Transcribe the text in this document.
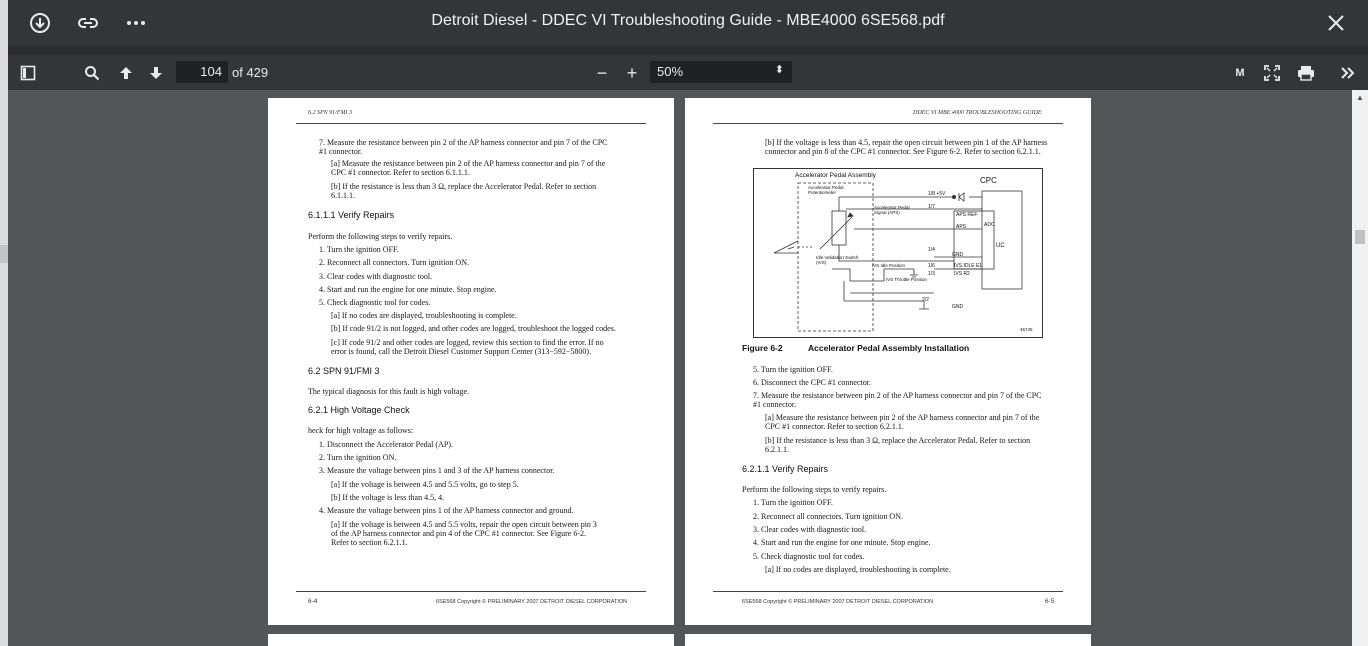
Detroit Diesel - DDEC VI Troubleshooting Guide - MBE4000 6SE568.pdf
104 of 429	− +	50%	⬍	M
6.2 SPN 91/FMI 3
7. Measure the resistance between pin 2 of the AP harness connector and pin 7 of the CPC
#1 connector.
[a] Measure the resistance between pin 2 of the AP harness connector and pin 7 of the
CPC #1 connector. Refer to section 6.1.1.1.
[b] If the resistance is less than 3 Ω, replace the Accelerator Pedal. Refer to section
6.1.1.1.
6.1.1.1 Verify Repairs
Perform the following steps to verify repairs.
1. Turn the ignition OFF.
2. Reconnect all connectors. Turn ignition ON.
3. Clear codes with diagnostic tool.
4. Start and run the engine for one minute. Stop engine.
5. Check diagnostic tool for codes.
[a] If no codes are displayed, troubleshooting is complete.
[b] If code 91/2 is not logged, and other codes are logged, troubleshoot the logged codes.
[c] If code 91/2 and other codes are logged, review this section to find the error. If no
error is found, call the Detroit Diesel Customer Support Center (313−592−5800).
6.2 SPN 91/FMI 3
The typical diagnosis for this fault is high voltage.
6.2.1 High Voltage Check
heck for high voltage as follows:
1. Disconnect the Accelerator Pedal (AP).
2. Turn the ignition ON.
3. Measure the voltage between pins 1 and 3 of the AP harness connector.
[a] If the voltage is between 4.5 and 5.5 volts, go to step 5.
[b] If the voltage is less than 4.5, 4.
4. Measure the voltage between pins 1 of the AP harness connector and ground.
[a] If the voltage is between 4.5 and 5.5 volts, repair the open circuit between pin 3
of the AP harness connector and pin 4 of the CPC #1 connector. See Figure 6-2.
Refer to section 6.2.1.1.
6-4	6SE568 Copyright © PRELIMINARY 2007 DETROIT DIESEL CORPORATION
DDEC VI MBE 4000 TROUBLESHOOTING GUIDE
[b] If the voltage is less than 4.5, repair the open circuit between pin 1 of the AP harness
connector and pin 8 of the CPC #1 connector. See Figure 6-2. Refer to section 6.2.1.1.
Accelerator Pedal Assembly
CPC
Accelerator Pedal Potentiometer
Accelerator Pedal Signal (APS)
Idle Validation Switch (IVS)
IVS Idle Position
IVS Throttle Position
APS REF
APS	ADC
UC
GND
IVS IDLE E1
IVS R2
GND
1/8 +5V
1/7
1/4
1/6
1/3
2/2
46745
Figure 6-2	Accelerator Pedal Assembly Installation
5. Turn the ignition OFF.
6. Disconnect the CPC #1 connector.
7. Measure the resistance between pin 2 of the AP harness connector and pin 7 of the CPC
#1 connector.
[a] Measure the resistance between pin 2 of the AP harness connector and pin 7 of the
CPC #1 connector. Refer to section 6.2.1.1.
[b] If the resistance is less than 3 Ω, replace the Accelerator Pedal. Refer to section
6.2.1.1.
6.2.1.1 Verify Repairs
Perform the following steps to verify repairs.
1. Turn the ignition OFF.
2. Reconnect all connectors. Turn ignition ON.
3. Clear codes with diagnostic tool.
4. Start and run the engine for one minute. Stop engine.
5. Check diagnostic tool for codes.
[a] If no codes are displayed, troubleshooting is complete.
6SE568 Copyright © PRELIMINARY 2007 DETROIT DIESEL CORPORATION	6-5
▲
